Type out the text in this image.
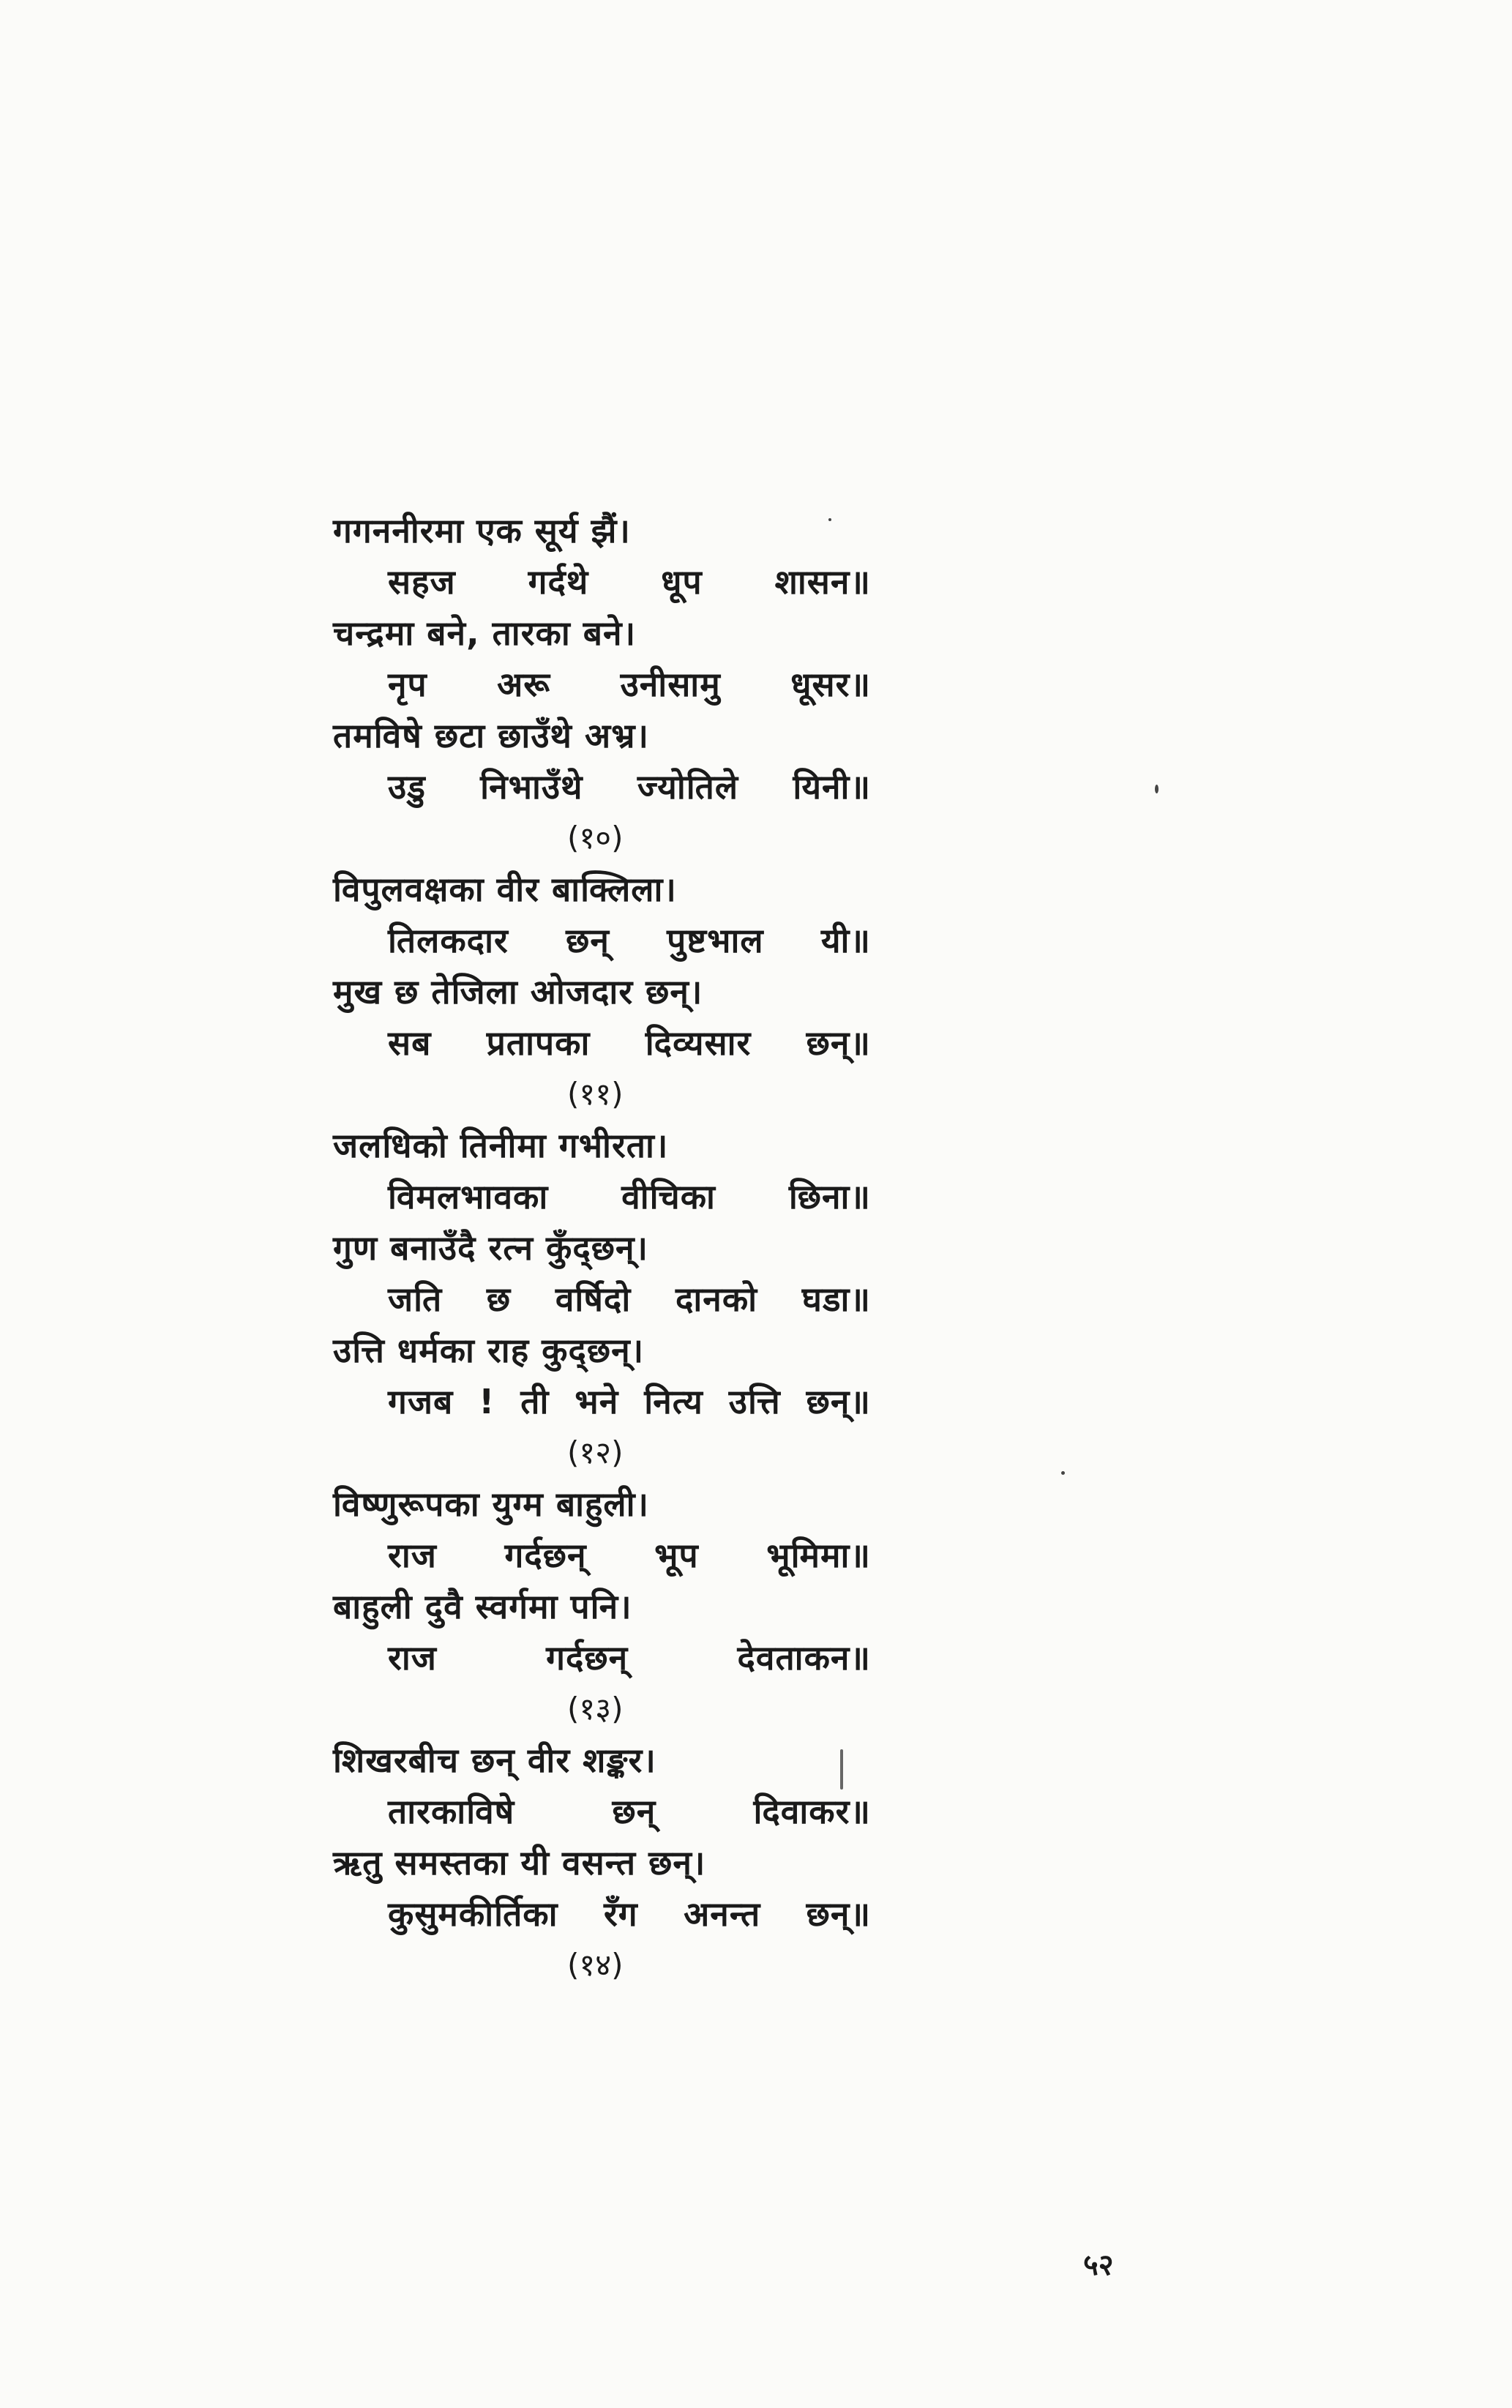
गगननीरमा एक सूर्य झैं।
सहज गर्दथे धूप शासन॥
चन्द्रमा बने, तारका बने।
नृप अरू उनीसामु धूसर॥
तमविषे छटा छाउँथे अभ्र।
उडु निभाउँथे ज्योतिले यिनी॥
(१०)
विपुलवक्षका वीर बाक्लिला।
तिलकदार छन् पुष्टभाल यी॥
मुख छ तेजिला ओजदार छन्।
सब प्रतापका दिव्यसार छन्॥
(११)
जलधिको तिनीमा गभीरता।
विमलभावका वीचिका छिना॥
गुण बनाउँदै रत्न कुँद्छन्।
जति छ वर्षिदो दानको घडा॥
उत्ति धर्मका राह कुद्छन्।
गजब ! ती भने नित्य उत्ति छन्॥
(१२)
विष्णुरूपका युग्म बाहुली।
राज गर्दछन् भूप भूमिमा॥
बाहुली दुवै स्वर्गमा पनि।
राज गर्दछन् देवताकन॥
(१३)
शिखरबीच छन् वीर शङ्कर।
तारकाविषे छन् दिवाकर॥
ऋतु समस्तका यी वसन्त छन्।
कुसुमकीर्तिका रँग अनन्त छन्॥
(१४)
५२
